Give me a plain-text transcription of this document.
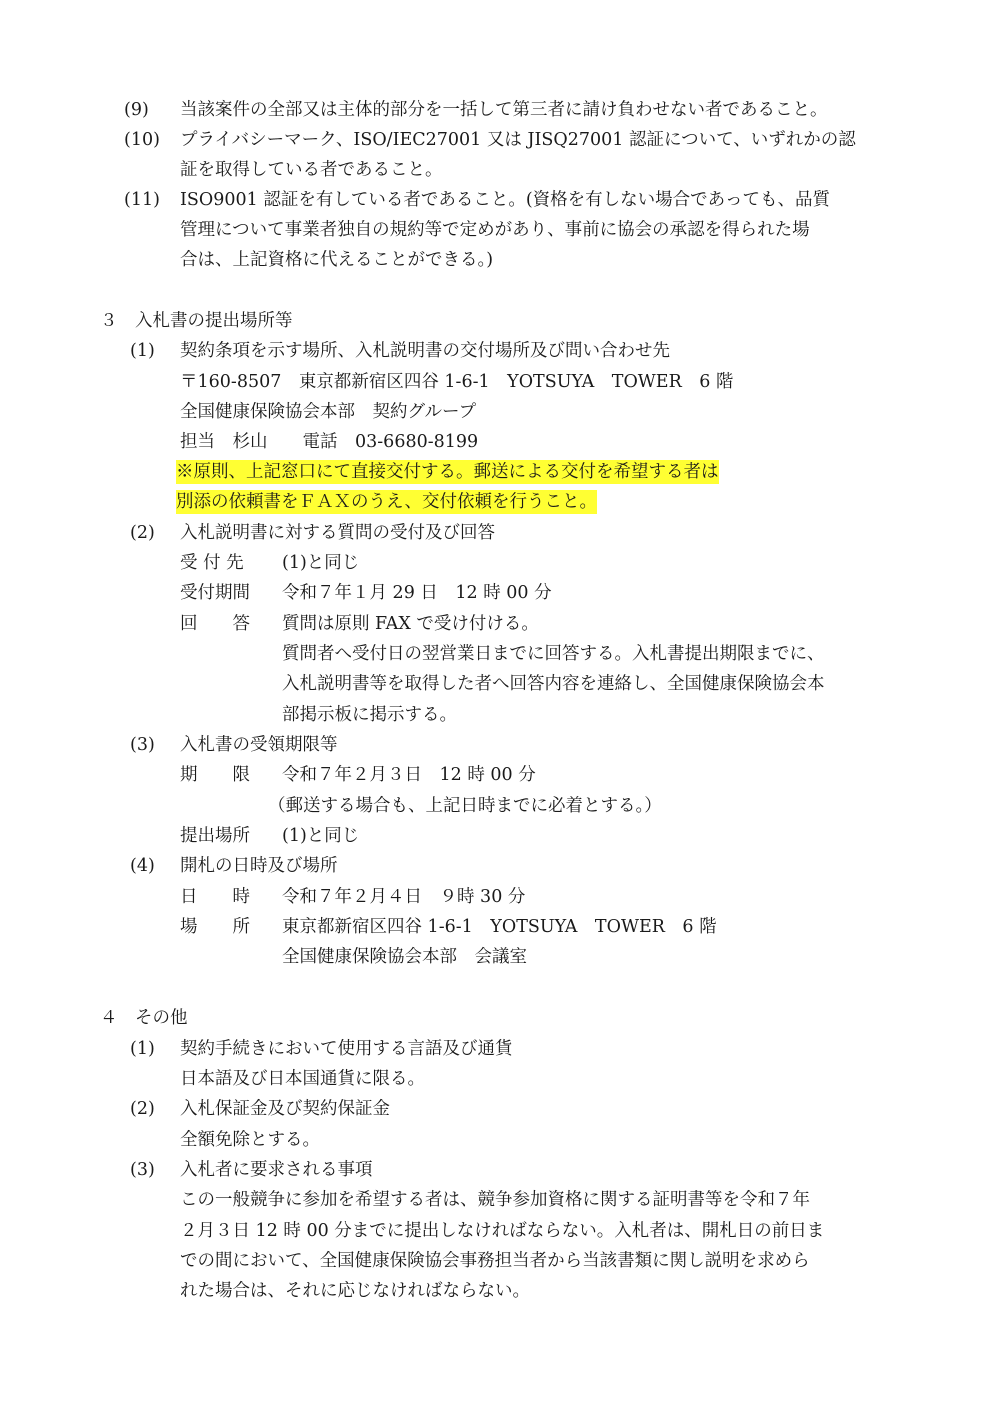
(9) 当該案件の全部又は主体的部分を一括して第三者に請け負わせない者であること。
(10) プライバシーマーク、ISO/IEC27001 又は JISQ27001 認証について、いずれかの認
証を取得している者であること。
(11) ISO9001 認証を有している者であること。(資格を有しない場合であっても、品質
管理について事業者独自の規約等で定めがあり、事前に協会の承認を得られた場
合は、上記資格に代えることができる。)
３　入札書の提出場所等
(1) 契約条項を示す場所、入札説明書の交付場所及び問い合わせ先
〒160-8507　東京都新宿区四谷 1-6-1　YOTSUYA　TOWER　6 階
全国健康保険協会本部　契約グループ
担当　杉山　　電話　03-6680-8199
※原則、上記窓口にて直接交付する。郵送による交付を希望する者は
別添の依頼書をＦＡＸのうえ、交付依頼を行うこと。
(2) 入札説明書に対する質問の受付及び回答
受 付 先 (1)と同じ
受付期間 令和７年１月 29 日　12 時 00 分
回　　答 質問は原則 FAX で受け付ける。
質問者へ受付日の翌営業日までに回答する。入札書提出期限までに、
入札説明書等を取得した者へ回答内容を連絡し、全国健康保険協会本
部掲示板に掲示する。
(3) 入札書の受領期限等
期　　限 令和７年２月３日　12 時 00 分
（郵送する場合も、上記日時までに必着とする。）
提出場所 (1)と同じ
(4) 開札の日時及び場所
日　　時 令和７年２月４日　９時 30 分
場　　所 東京都新宿区四谷 1-6-1　YOTSUYA　TOWER　6 階
全国健康保険協会本部　会議室
４　その他
(1) 契約手続きにおいて使用する言語及び通貨
日本語及び日本国通貨に限る。
(2) 入札保証金及び契約保証金
全額免除とする。
(3) 入札者に要求される事項
この一般競争に参加を希望する者は、競争参加資格に関する証明書等を令和７年
２月３日 12 時 00 分までに提出しなければならない。入札者は、開札日の前日ま
での間において、全国健康保険協会事務担当者から当該書類に関し説明を求めら
れた場合は、それに応じなければならない。
